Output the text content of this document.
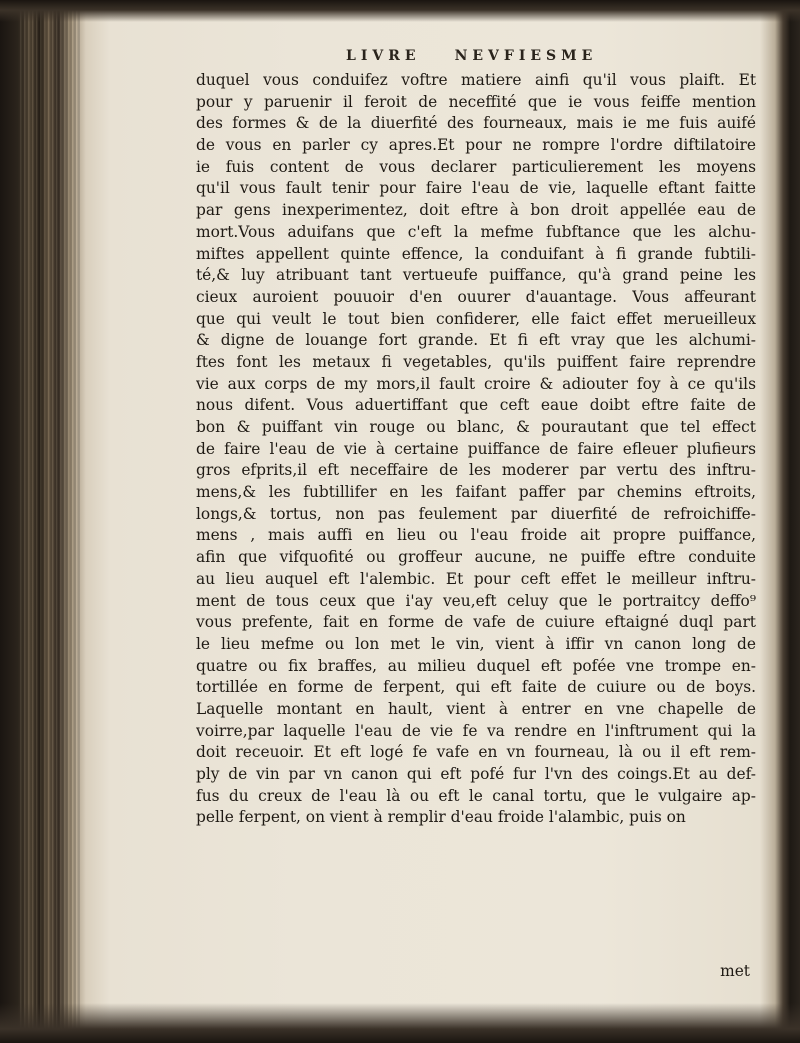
LIVRE NEVFIESME
duquel vous conduifez voftre matiere ainfi qu'il vous plaift. Et
pour y paruenir il feroit de neceffité que ie vous feiffe mention
des formes & de la diuerfité des fourneaux, mais ie me fuis auifé
de vous en parler cy apres.Et pour ne rompre l'ordre diftilatoire
ie fuis content de vous declarer particulierement les moyens
qu'il vous fault tenir pour faire l'eau de vie, laquelle eftant faitte
par gens inexperimentez, doit eftre à bon droit appellée eau de
mort.Vous aduifans que c'eft la mefme fubftance que les alchu-
miftes appellent quinte effence, la conduifant à fi grande fubtili-
té,& luy atribuant tant vertueufe puiffance, qu'à grand peine les
cieux auroient pouuoir d'en ouurer d'auantage. Vous affeurant
que qui veult le tout bien confiderer, elle faict effet merueilleux
& digne de louange fort grande. Et fi eft vray que les alchumi-
ftes font les metaux fi vegetables, qu'ils puiffent faire reprendre
vie aux corps de my mors,il fault croire & adiouter foy à ce qu'ils
nous difent. Vous aduertiffant que ceft eaue doibt eftre faite de
bon & puiffant vin rouge ou blanc, & pourautant que tel effect
de faire l'eau de vie à certaine puiffance de faire efleuer plufieurs
gros efprits,il eft neceffaire de les moderer par vertu des inftru-
mens,& les fubtillifer en les faifant paffer par chemins eftroits,
longs,& tortus, non pas feulement par diuerfité de refroichiffe-
mens , mais auffi en lieu ou l'eau froide ait propre puiffance,
afin que vifquofité ou groffeur aucune, ne puiffe eftre conduite
au lieu auquel eft l'alembic. Et pour ceft effet le meilleur inftru-
ment de tous ceux que i'ay veu,eft celuy que le portraitcy deffo⁹
vous prefente, fait en forme de vafe de cuiure eftaigné duql part
le lieu mefme ou lon met le vin, vient à iffir vn canon long de
quatre ou fix braffes, au milieu duquel eft pofée vne trompe en-
tortillée en forme de ferpent, qui eft faite de cuiure ou de boys.
Laquelle montant en hault, vient à entrer en vne chapelle de
voirre,par laquelle l'eau de vie fe va rendre en l'inftrument qui la
doit receuoir. Et eft logé fe vafe en vn fourneau, là ou il eft rem-
ply de vin par vn canon qui eft pofé fur l'vn des coings.Et au def-
fus du creux de l'eau là ou eft le canal tortu, que le vulgaire ap-
pelle ferpent, on vient à remplir d'eau froide l'alambic, puis on
met
